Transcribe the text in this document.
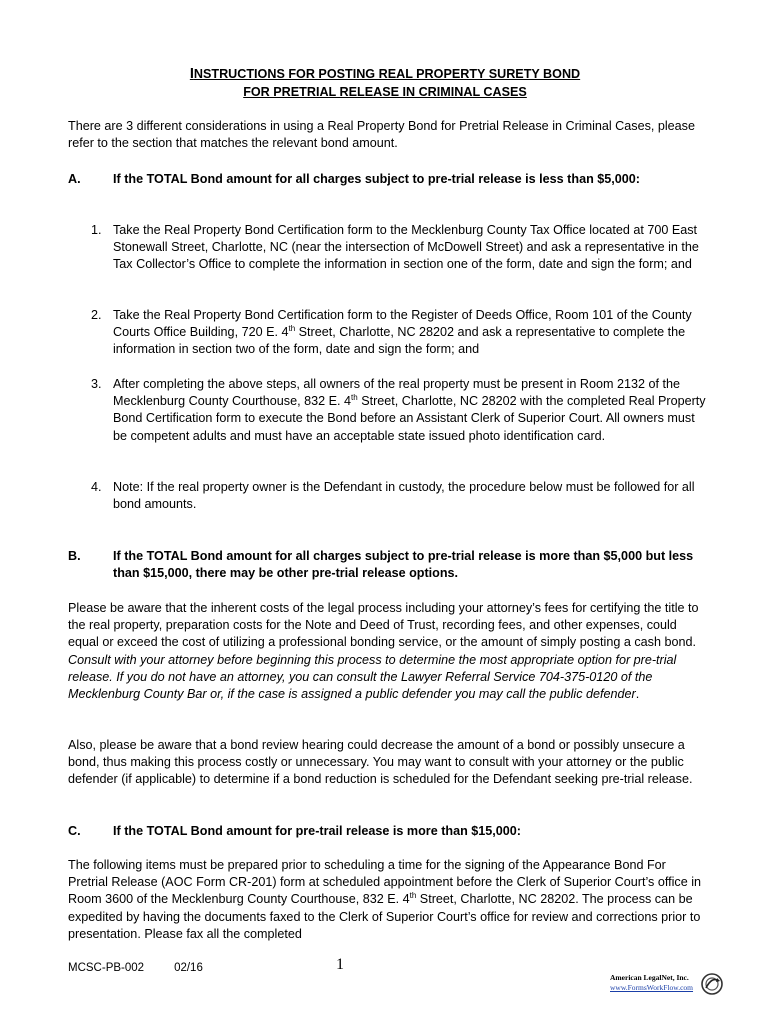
INSTRUCTIONS FOR POSTING REAL PROPERTY SURETY BOND
FOR PRETRIAL RELEASE IN CRIMINAL CASES

There are 3 different considerations in using a Real Property Bond for Pretrial Release in Criminal Cases, please refer to the section that matches the relevant bond amount.

A.	If the TOTAL Bond amount for all charges subject to pre-trial release is less than $5,000:

1. Take the Real Property Bond Certification form to the Mecklenburg County Tax Office located at 700 East Stonewall Street, Charlotte, NC (near the intersection of McDowell Street) and ask a representative in the Tax Collector’s Office to complete the information in section one of the form, date and sign the form; and

2. Take the Real Property Bond Certification form to the Register of Deeds Office, Room 101 of the County Courts Office Building, 720 E. 4th Street, Charlotte, NC 28202 and ask a representative to complete the information in section two of the form, date and sign the form; and

3. After completing the above steps, all owners of the real property must be present in Room 2132 of the Mecklenburg County Courthouse, 832 E. 4th Street, Charlotte, NC 28202 with the completed Real Property Bond Certification form to execute the Bond before an Assistant Clerk of Superior Court. All owners must be competent adults and must have an acceptable state issued photo identification card.

4. Note: If the real property owner is the Defendant in custody, the procedure below must be followed for all bond amounts.

B.	If the TOTAL Bond amount for all charges subject to pre-trial release is more than $5,000 but less than $15,000, there may be other pre-trial release options.

Please be aware that the inherent costs of the legal process including your attorney’s fees for certifying the title to the real property, preparation costs for the Note and Deed of Trust, recording fees, and other expenses, could equal or exceed the cost of utilizing a professional bonding service, or the amount of simply posting a cash bond. Consult with your attorney before beginning this process to determine the most appropriate option for pre-trial release. If you do not have an attorney, you can consult the Lawyer Referral Service 704-375-0120 of the Mecklenburg County Bar or, if the case is assigned a public defender you may call the public defender.

Also, please be aware that a bond review hearing could decrease the amount of a bond or possibly unsecure a bond, thus making this process costly or unnecessary. You may want to consult with your attorney or the public defender (if applicable) to determine if a bond reduction is scheduled for the Defendant seeking pre-trial release.

C.	If the TOTAL Bond amount for pre-trail release is more than $15,000:

The following items must be prepared prior to scheduling a time for the signing of the Appearance Bond For Pretrial Release (AOC Form CR-201) form at scheduled appointment before the Clerk of Superior Court’s office in Room 3600 of the Mecklenburg County Courthouse, 832 E. 4th Street, Charlotte, NC 28202. The process can be expedited by having the documents faxed to the Clerk of Superior Court’s office for review and corrections prior to presentation. Please fax all the completed

MCSC-PB-002	02/16	1
American LegalNet, Inc.
www.FormsWorkFlow.com
